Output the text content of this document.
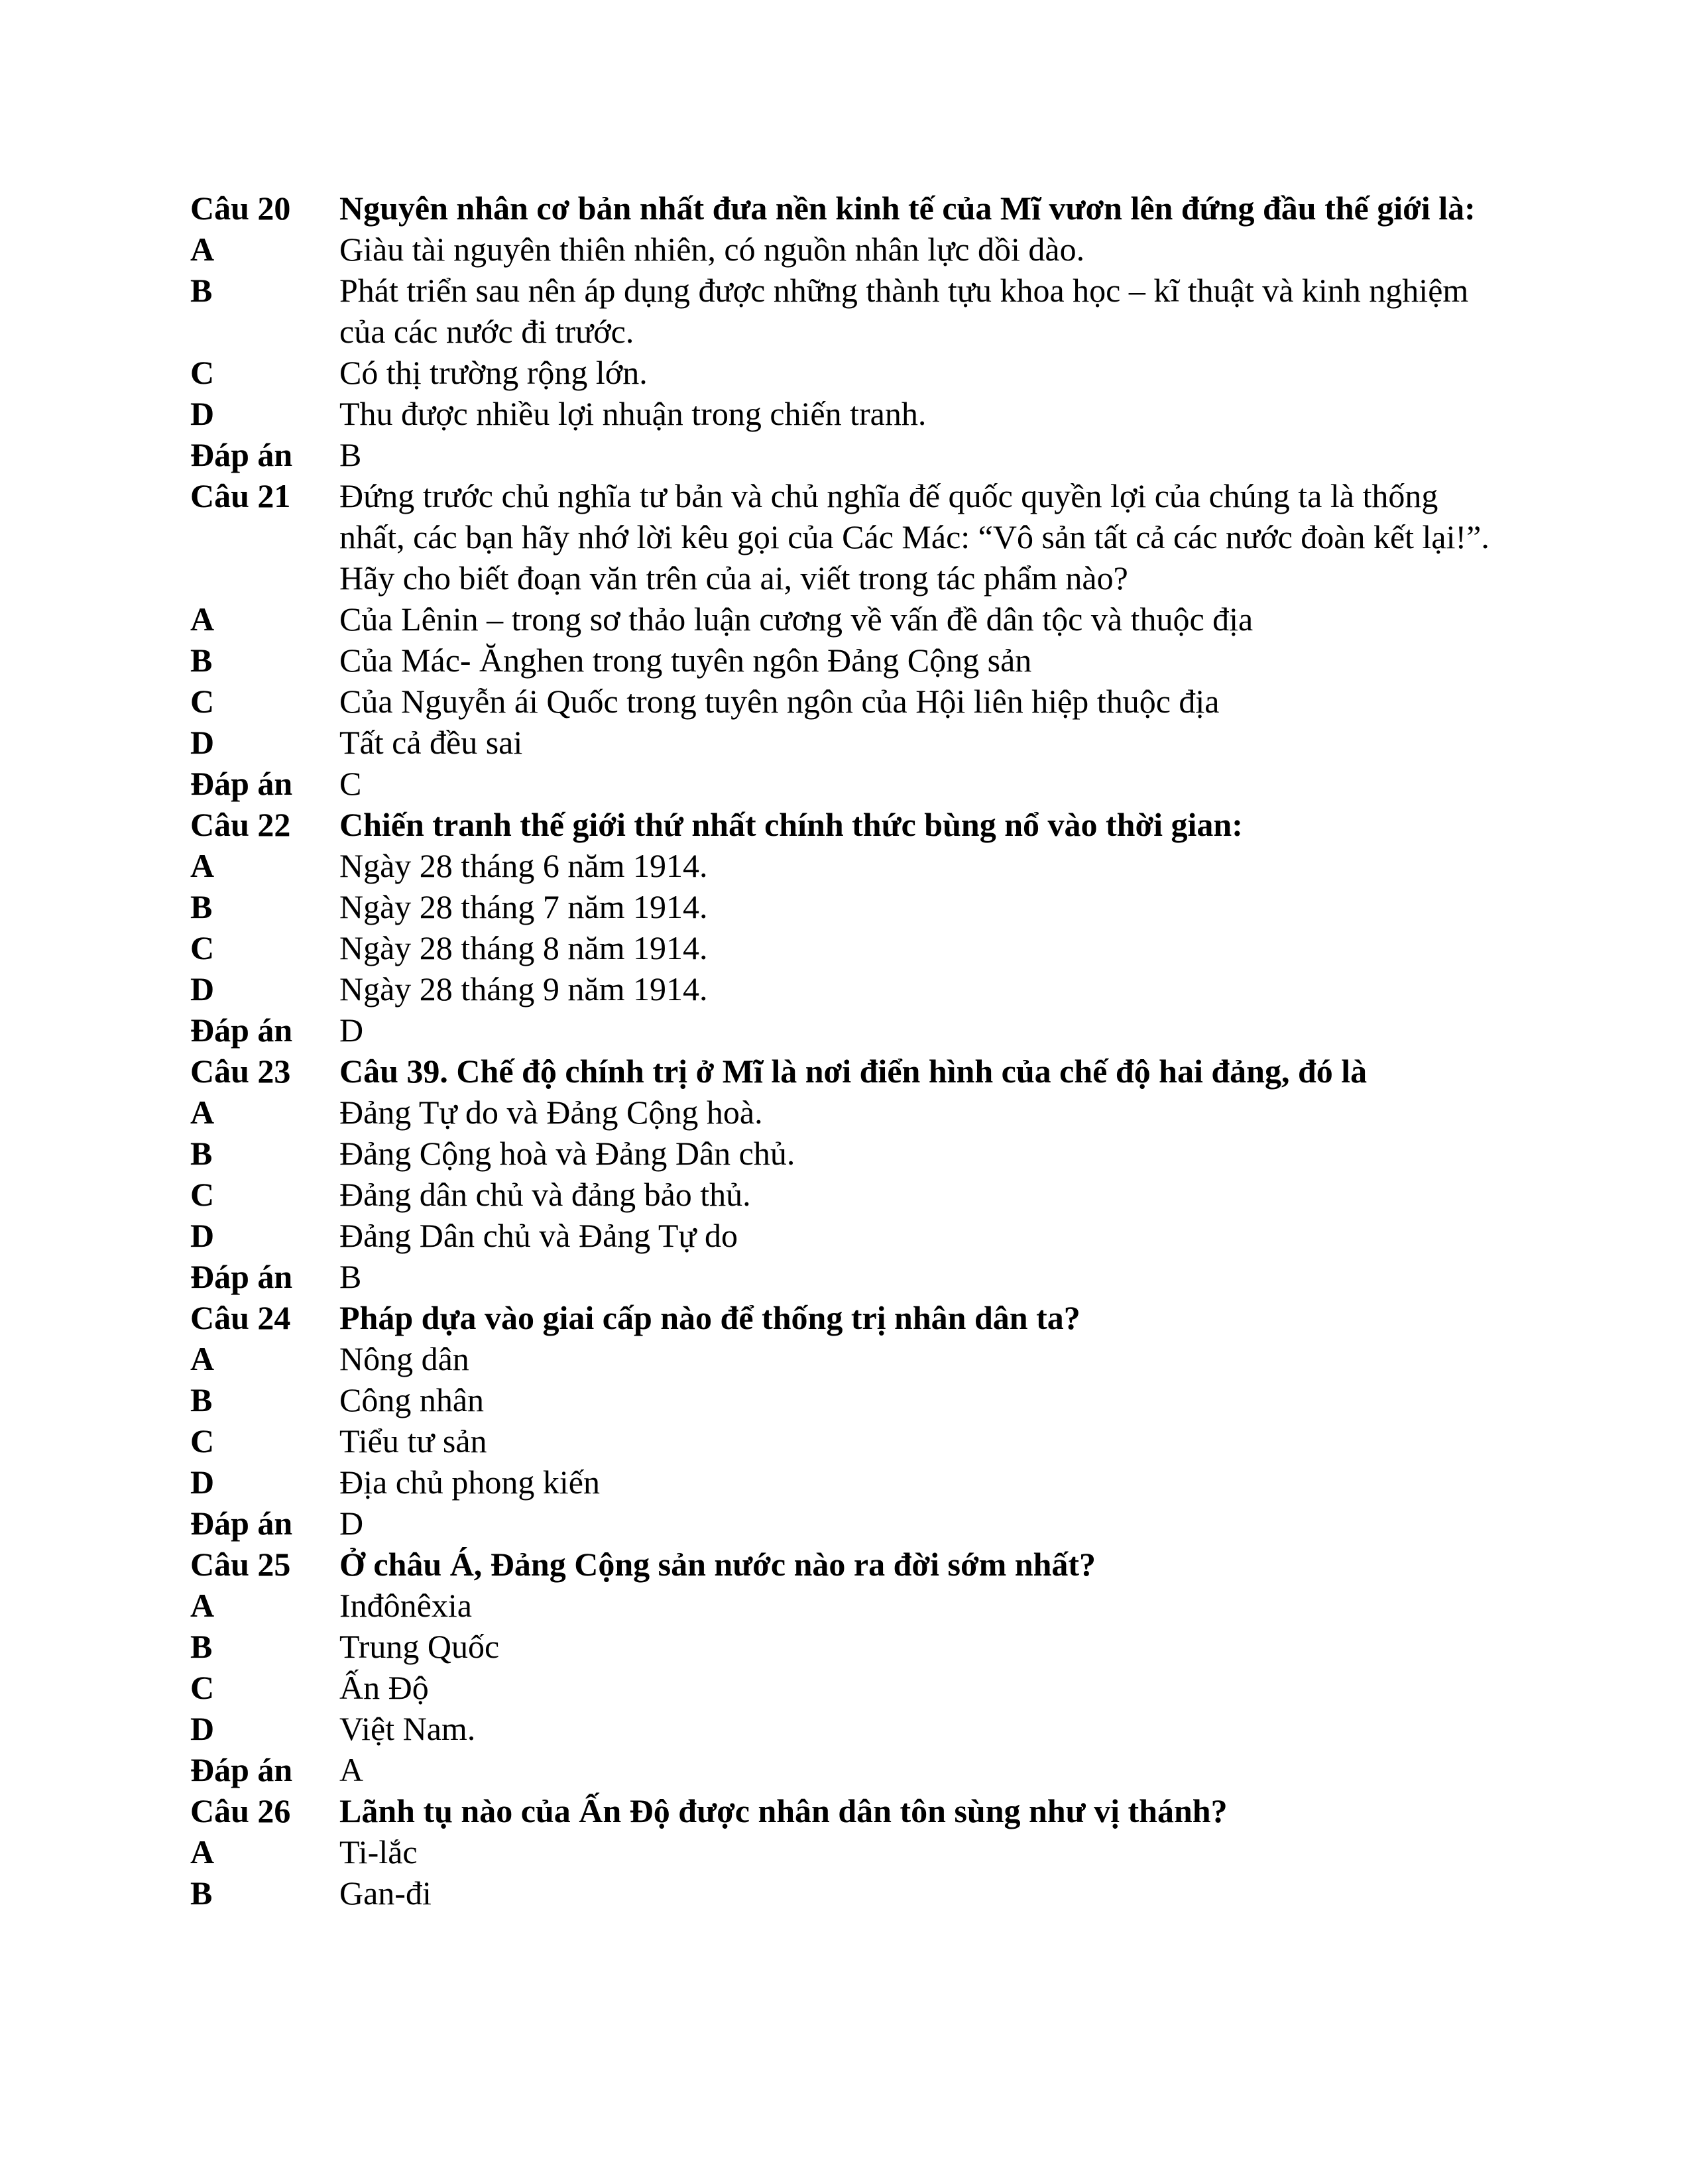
Câu 20	Nguyên nhân cơ bản nhất đưa nền kinh tế của Mĩ vươn lên đứng đầu thế giới là:
A	Giàu tài nguyên thiên nhiên, có nguồn nhân lực dồi dào.
B	Phát triển sau nên áp dụng được những thành tựu khoa học – kĩ thuật và kinh nghiệm của các nước đi trước.
C	Có thị trường rộng lớn.
D	Thu được nhiều lợi nhuận trong chiến tranh.
Đáp án	B
Câu 21	Đứng trước chủ nghĩa tư bản và chủ nghĩa đế quốc quyền lợi của chúng ta là thống nhất, các bạn hãy nhớ lời kêu gọi của Các Mác: “Vô sản tất cả các nước đoàn kết lại!”. Hãy cho biết đoạn văn trên của ai, viết trong tác phẩm nào?
A	Của Lênin – trong sơ thảo luận cương về vấn đề dân tộc và thuộc địa
B	Của Mác- Ănghen trong tuyên ngôn Đảng Cộng sản
C	Của Nguyễn ái Quốc trong tuyên ngôn của Hội liên hiệp thuộc địa
D	Tất cả đều sai
Đáp án	C
Câu 22	Chiến tranh thế giới thứ nhất chính thức bùng nổ vào thời gian:
A	Ngày 28 tháng 6 năm 1914.
B	Ngày 28 tháng 7 năm 1914.
C	Ngày 28 tháng 8 năm 1914.
D	Ngày 28 tháng 9 năm 1914.
Đáp án	D
Câu 23	Câu 39. Chế độ chính trị ở Mĩ là nơi điển hình của chế độ hai đảng, đó là
A	Đảng Tự do và Đảng Cộng hoà.
B	Đảng Cộng hoà và Đảng Dân chủ.
C	Đảng dân chủ và đảng bảo thủ.
D	Đảng Dân chủ và Đảng Tự do
Đáp án	B
Câu 24	Pháp dựa vào giai cấp nào để thống trị nhân dân ta?
A	Nông dân
B	Công nhân
C	Tiểu tư sản
D	Địa chủ phong kiến
Đáp án	D
Câu 25	Ở châu Á, Đảng Cộng sản nước nào ra đời sớm nhất?
A	Inđônêxia
B	Trung Quốc
C	Ấn Độ
D	Việt Nam.
Đáp án	A
Câu 26	Lãnh tụ nào của Ấn Độ được nhân dân tôn sùng như vị thánh?
A	Ti-lắc
B	Gan-đi
